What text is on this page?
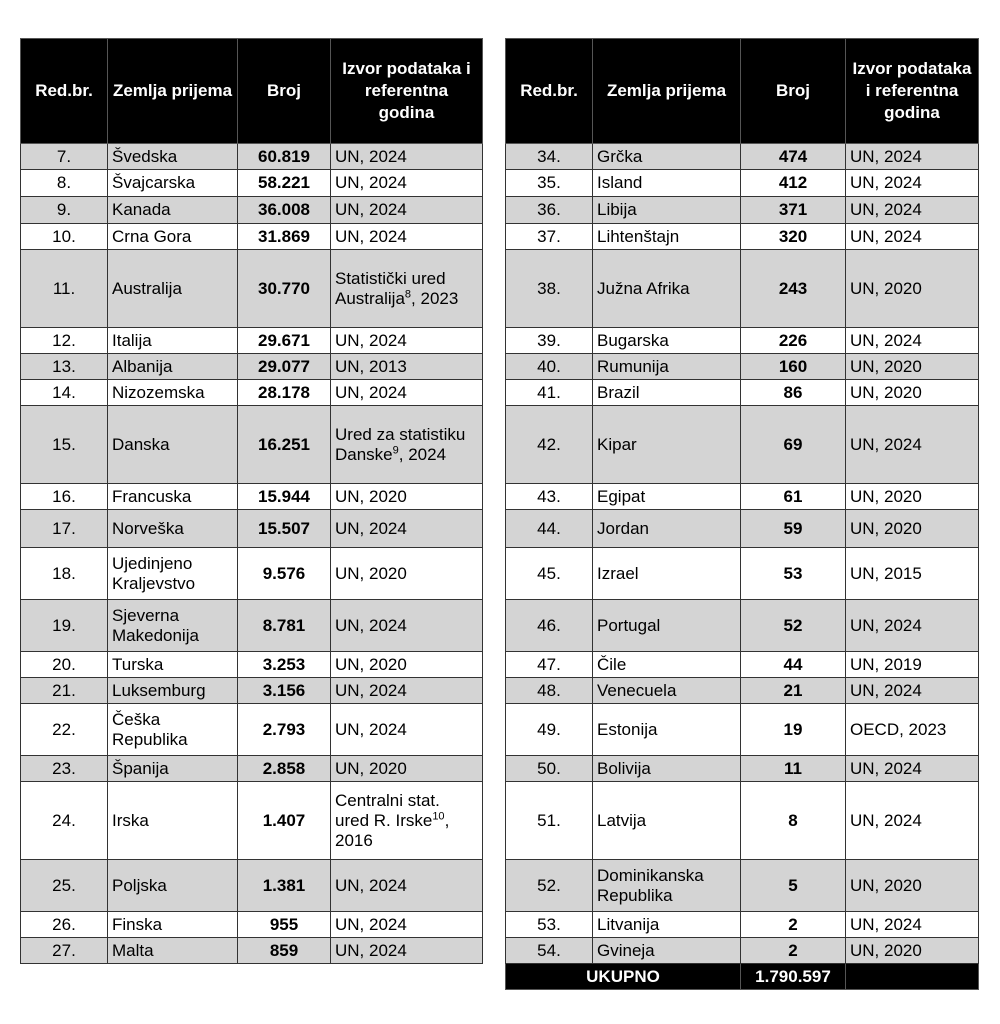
Red.br.	Zemlja prijema	Broj	Izvor podataka i referentna godina
7.	Švedska	60.819	UN, 2024
8.	Švajcarska	58.221	UN, 2024
9.	Kanada	36.008	UN, 2024
10.	Crna Gora	31.869	UN, 2024
11.	Australija	30.770	Statistički ured Australija$^8$, 2023
12.	Italija	29.671	UN, 2024
13.	Albanija	29.077	UN, 2013
14.	Nizozemska	28.178	UN, 2024
15.	Danska	16.251	Ured za statistiku Danske$^9$, 2024
16.	Francuska	15.944	UN, 2020
17.	Norveška	15.507	UN, 2024
18.	Ujedinjeno Kraljevstvo	9.576	UN, 2020
19.	Sjeverna Makedonija	8.781	UN, 2024
20.	Turska	3.253	UN, 2020
21.	Luksemburg	3.156	UN, 2024
22.	Češka Republika	2.793	UN, 2024
23.	Španija	2.858	UN, 2020
24.	Irska	1.407	Centralni stat. ured R. Irske$^{10}$, 2016
25.	Poljska	1.381	UN, 2024
26.	Finska	955	UN, 2024
27.	Malta	859	UN, 2024
Red.br.	Zemlja prijema	Broj	Izvor podataka i referentna godina
34.	Grčka	474	UN, 2024
35.	Island	412	UN, 2024
36.	Libija	371	UN, 2024
37.	Lihtenštajn	320	UN, 2024
38.	Južna Afrika	243	UN, 2020
39.	Bugarska	226	UN, 2024
40.	Rumunija	160	UN, 2020
41.	Brazil	86	UN, 2020
42.	Kipar	69	UN, 2024
43.	Egipat	61	UN, 2020
44.	Jordan	59	UN, 2020
45.	Izrael	53	UN, 2015
46.	Portugal	52	UN, 2024
47.	Čile	44	UN, 2019
48.	Venecuela	21	UN, 2024
49.	Estonija	19	OECD, 2023
50.	Bolivija	11	UN, 2024
51.	Latvija	8	UN, 2024
52.	Dominikanska Republika	5	UN, 2020
53.	Litvanija	2	UN, 2024
54.	Gvineja	2	UN, 2020
UKUPNO		1.790.597	
